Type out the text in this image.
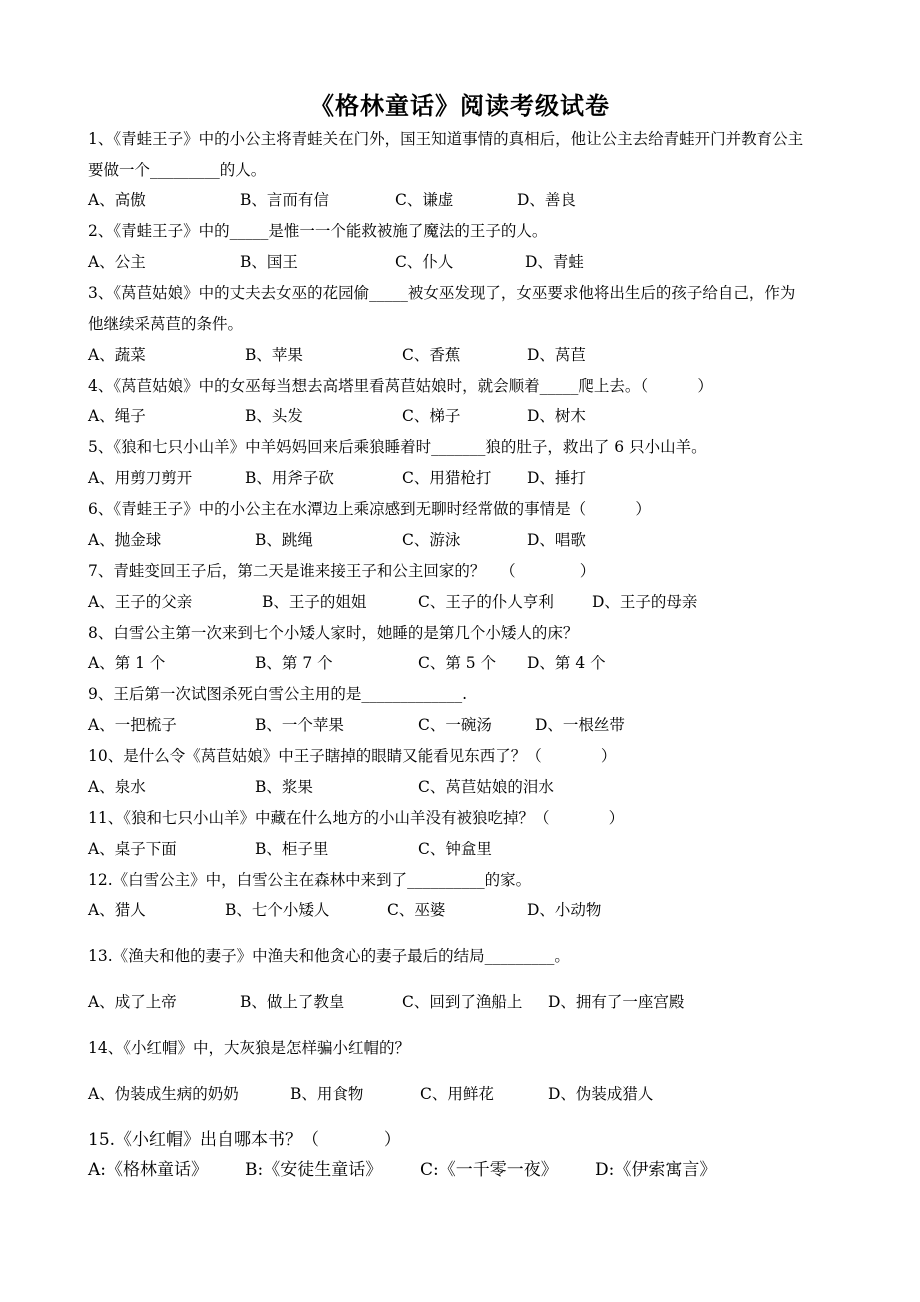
《格林童话》阅读考级试卷
1、《青蛙王子》中的小公主将青蛙关在门外，国王知道事情的真相后，他让公主去给青蛙开门并教育公主
要做一个_________的人。
A、高傲	B、言而有信	C、谦虚	D、善良
2、《青蛙王子》中的_____是惟一一个能救被施了魔法的王子的人。
A、公主	B、国王	C、仆人	D、青蛙
3、《莴苣姑娘》中的丈夫去女巫的花园偷_____被女巫发现了，女巫要求他将出生后的孩子给自己，作为
他继续采莴苣的条件。
A、蔬菜	B、苹果	C、香蕉	D、莴苣
4、《莴苣姑娘》中的女巫每当想去高塔里看莴苣姑娘时，就会顺着_____爬上去。（          ）
A、绳子	B、头发	C、梯子	D、树木
5、《狼和七只小山羊》中羊妈妈回来后乘狼睡着时_______狼的肚子，救出了 6 只小山羊。
A、用剪刀剪开	B、用斧子砍	C、用猎枪打 D、捶打
6、《青蛙王子》中的小公主在水潭边上乘凉感到无聊时经常做的事情是（          ）
A、抛金球	B、跳绳	C、游泳	D、唱歌
7、青蛙变回王子后，第二天是谁来接王子和公主回家的？   （             ）
A、王子的父亲	B、王子的姐姐	C、王子的仆人亨利 D、王子的母亲
8、白雪公主第一次来到七个小矮人家时，她睡的是第几个小矮人的床？
A、第 1 个	B、第 7 个	C、第 5 个 D、第 4 个
9、王后第一次试图杀死白雪公主用的是_____________.
A、一把梳子	B、一个苹果	C、一碗汤	D、一根丝带
10、是什么令《莴苣姑娘》中王子瞎掉的眼睛又能看见东西了？（            ）
A、泉水	B、浆果	C、莴苣姑娘的泪水
11、《狼和七只小山羊》中藏在什么地方的小山羊没有被狼吃掉？（            ）
A、桌子下面	B、柜子里	C、钟盒里
12.《白雪公主》中，白雪公主在森林中来到了__________的家。
A、猎人	B、七个小矮人	C、巫婆	D、小动物
13.《渔夫和他的妻子》中渔夫和他贪心的妻子最后的结局_________。
A、成了上帝	B、做上了教皇	C、回到了渔船上 D、拥有了一座宫殿
14、《小红帽》中，大灰狼是怎样骗小红帽的？
A、伪装成生病的奶奶	B、用食物	C、用鲜花	D、伪装成猎人
15.《小红帽》出自哪本书？（            ）
A:《格林童话》 B:《安徒生童话》 C:《一千零一夜》 D:《伊索寓言》
